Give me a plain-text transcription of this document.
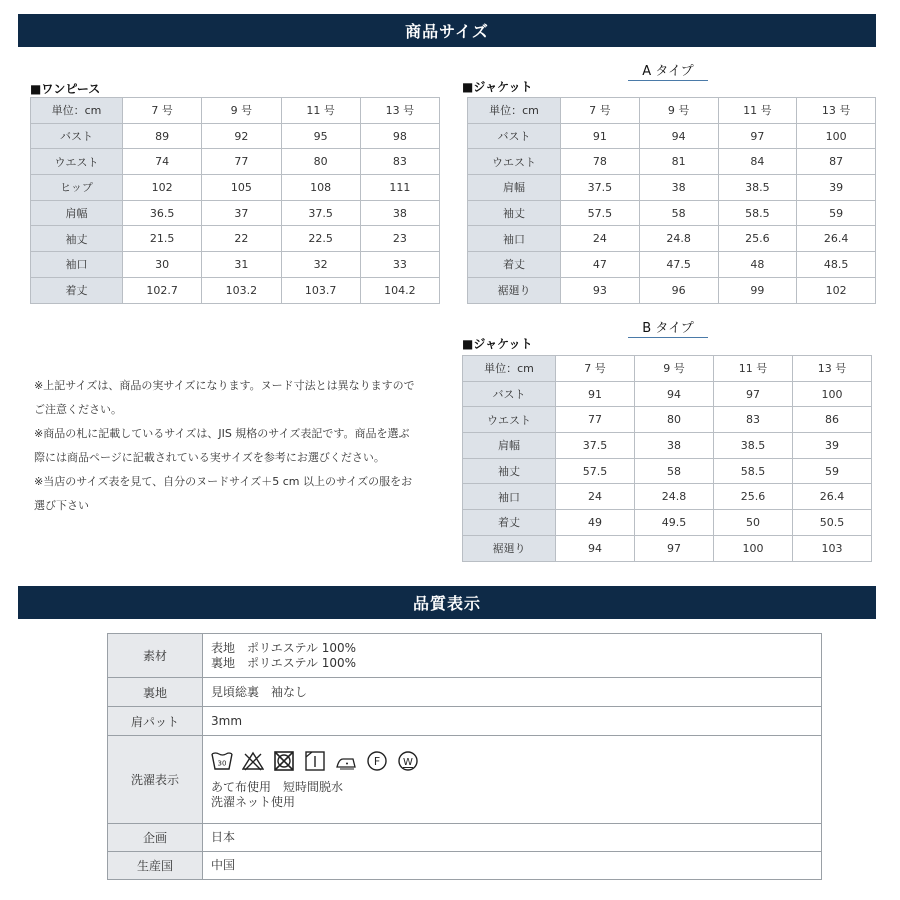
商品サイズ
■ワンピース
単位：cm	7 号	9 号	11 号	13 号
バスト	89	92	95	98
ウエスト	74	77	80	83
ヒップ	102	105	108	111
肩幅	36.5	37	37.5	38
袖丈	21.5	22	22.5	23
袖口	30	31	32	33
着丈	102.7	103.2	103.7	104.2
A タイプ
■ジャケット
単位：cm	7 号	9 号	11 号	13 号
バスト	91	94	97	100
ウエスト	78	81	84	87
肩幅	37.5	38	38.5	39
袖丈	57.5	58	58.5	59
袖口	24	24.8	25.6	26.4
着丈	47	47.5	48	48.5
裾廻り	93	96	99	102
B タイプ
■ジャケット
単位：cm	7 号	9 号	11 号	13 号
バスト	91	94	97	100
ウエスト	77	80	83	86
肩幅	37.5	38	38.5	39
袖丈	57.5	58	58.5	59
袖口	24	24.8	25.6	26.4
着丈	49	49.5	50	50.5
裾廻り	94	97	100	103
※上記サイズは、商品の実サイズになります。ヌード寸法とは異なりますので
ご注意ください。
※商品の札に記載しているサイズは、JIS 規格のサイズ表記です。商品を選ぶ
際には商品ページに記載されている実サイズを参考にお選びください。
※当店のサイズ表を見て、自分のヌードサイズ＋5 cm 以上のサイズの服をお
選び下さい
品質表示
素材	表地　ポリエステル 100%
裏地　ポリエステル 100%

裏地	見頃総裏　袖なし
肩パット	3mm
洗濯表示	30 F W
あて布使用　短時間脱水
洗濯ネット使用

企画	日本
生産国	中国
